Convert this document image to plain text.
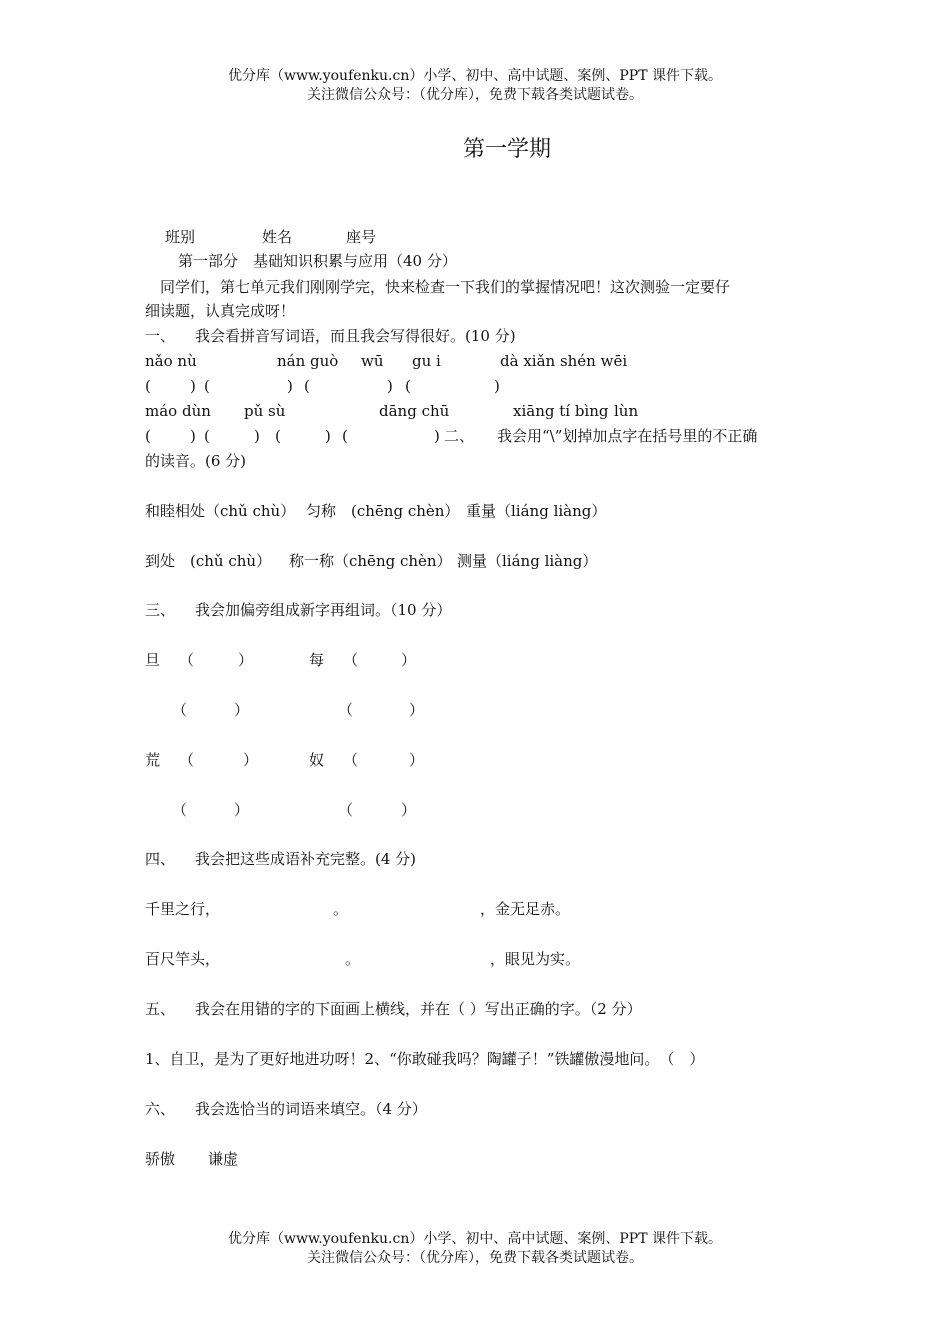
优分库（www.youfenku.cn）小学、初中、高中试题、案例、PPT 课件下载。
关注微信公众号：（优分库），免费下载各类试题试卷。
第一学期
班别	姓名	座号
第一部分　基础知识积累与应用（40 分）
同学们，第七单元我们刚刚学完，快来检查一下我们的掌握情况吧！这次测验一定要仔
细读题，认真完成呀！
一、 我会看拼音写词语，而且我会写得很好。(10 分)
nǎo nù	nán guò wū gu i	dà xiǎn shén wēi
(	) (	) (	) (	)
máo dùn pǔ sù	dāng chū	xiāng tí bìng lùn
(	) (	) (	) (	) 二、 我会用“\”划掉加点字在括号里的不正确
的读音。(6 分)
和睦相处（chǔ chù） 匀称　(chēng chèn） 重量（liáng liàng）
到处　(chǔ chù） 称一称（chēng chèn） 测量（liáng liàng）
三、 我会加偏旁组成新字再组词。（10 分）
旦 （	）	每 （	）
（	）	（	）
荒 （	）	奴 （	）
（	）	（	）
四、 我会把这些成语补充完整。(4 分)
千里之行，	。	，金无足赤。
百尺竿头，	。	，眼见为实。
五、 我会在用错的字的下面画上横线，并在（ ）写出正确的字。（2 分）
1、自卫，是为了更好地进功呀！2、“你敢碰我吗？陶罐子！”铁罐傲漫地问。　（　）
六、 我会选恰当的词语来填空。（4 分）
骄傲 谦虚
优分库（www.youfenku.cn）小学、初中、高中试题、案例、PPT 课件下载。
关注微信公众号：（优分库），免费下载各类试题试卷。
